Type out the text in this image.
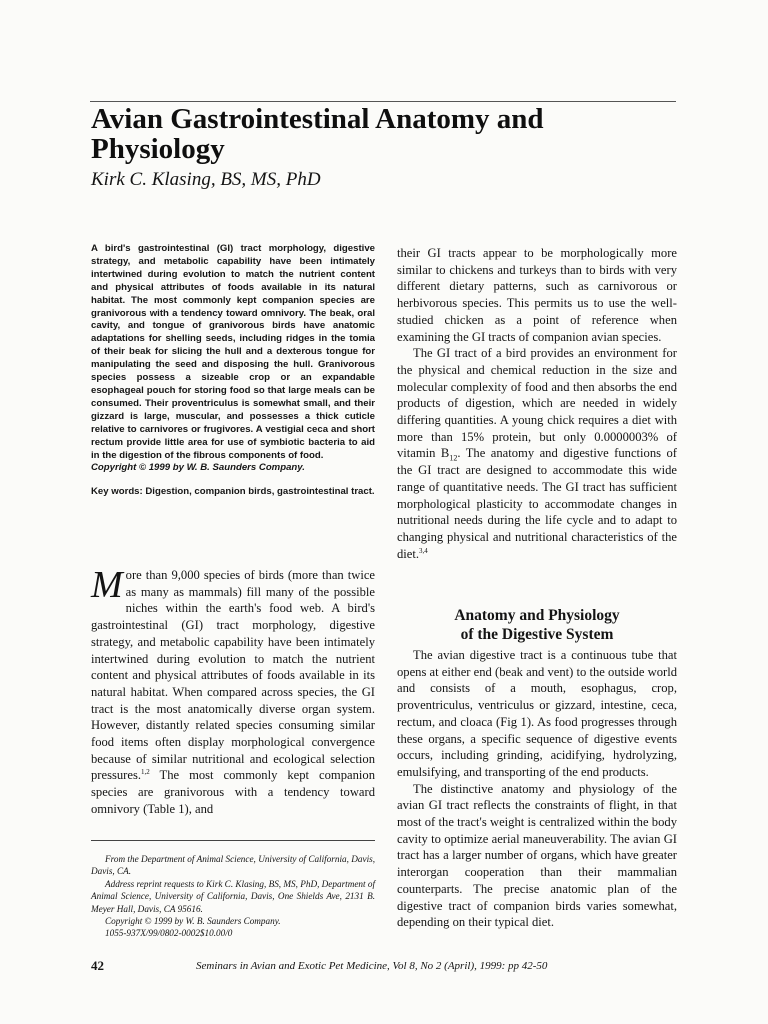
Avian Gastrointestinal Anatomy and Physiology

Kirk C. Klasing, BS, MS, PhD

A bird's gastrointestinal (GI) tract morphology, digestive strategy, and metabolic capability have been intimately intertwined during evolution to match the nutrient content and physical attributes of foods available in its natural habitat. The most commonly kept companion species are granivorous with a tendency toward omnivory. The beak, oral cavity, and tongue of granivorous birds have anatomic adaptations for shelling seeds, including ridges in the tomia of their beak for slicing the hull and a dexterous tongue for manipulating the seed and disposing the hull. Granivorous species possess a sizeable crop or an expandable esophageal pouch for storing food so that large meals can be consumed. Their proventriculus is somewhat small, and their gizzard is large, muscular, and possesses a thick cuticle relative to carnivores or frugivores. A vestigial ceca and short rectum provide little area for use of symbiotic bacteria to aid in the digestion of the fibrous components of food.

Copyright © 1999 by W. B. Saunders Company.

Key words: Digestion, companion birds, gastrointestinal tract.

More than 9,000 species of birds (more than twice as many as mammals) fill many of the possible niches within the earth's food web. A bird's gastrointestinal (GI) tract morphology, digestive strategy, and metabolic capability have been intimately intertwined during evolution to match the nutrient content and physical attributes of foods available in its natural habitat. When compared across species, the GI tract is the most anatomically diverse organ system. However, distantly related species consuming similar food items often display morphological convergence because of similar nutritional and ecological selection pressures.$^{1,2}$ The most commonly kept companion species are granivorous with a tendency toward omnivory (Table 1), and

From the Department of Animal Science, University of California, Davis, Davis, CA.

Address reprint requests to Kirk C. Klasing, BS, MS, PhD, Department of Animal Science, University of California, Davis, One Shields Ave, 2131 B. Meyer Hall, Davis, CA 95616.

Copyright © 1999 by W. B. Saunders Company.

1055-937X/99/0802-0002$10.00/0

their GI tracts appear to be morphologically more similar to chickens and turkeys than to birds with very different dietary patterns, such as carnivorous or herbivorous species. This permits us to use the well-studied chicken as a point of reference when examining the GI tracts of companion avian species.

The GI tract of a bird provides an environment for the physical and chemical reduction in the size and molecular complexity of food and then absorbs the end products of digestion, which are needed in widely differing quantities. A young chick requires a diet with more than 15% protein, but only 0.0000003% of vitamin $B_{12}$. The anatomy and digestive functions of the GI tract are designed to accommodate this wide range of quantitative needs. The GI tract has sufficient morphological plasticity to accommodate changes in nutritional needs during the life cycle and to adapt to changing physical and nutritional characteristics of the diet.$^{3,4}$

Anatomy and Physiology
of the Digestive System

The avian digestive tract is a continuous tube that opens at either end (beak and vent) to the outside world and consists of a mouth, esophagus, crop, proventriculus, ventriculus or gizzard, intestine, ceca, rectum, and cloaca (Fig 1). As food progresses through these organs, a specific sequence of digestive events occurs, including grinding, acidifying, hydrolyzing, emulsifying, and transporting of the end products.

The distinctive anatomy and physiology of the avian GI tract reflects the constraints of flight, in that most of the tract's weight is centralized within the body cavity to optimize aerial maneuverability. The avian GI tract has a larger number of organs, which have greater interorgan cooperation than their mammalian counterparts. The precise anatomic plan of the digestive tract of companion birds varies somewhat, depending on their typical diet.

42	Seminars in Avian and Exotic Pet Medicine, Vol 8, No 2 (April), 1999: pp 42-50
